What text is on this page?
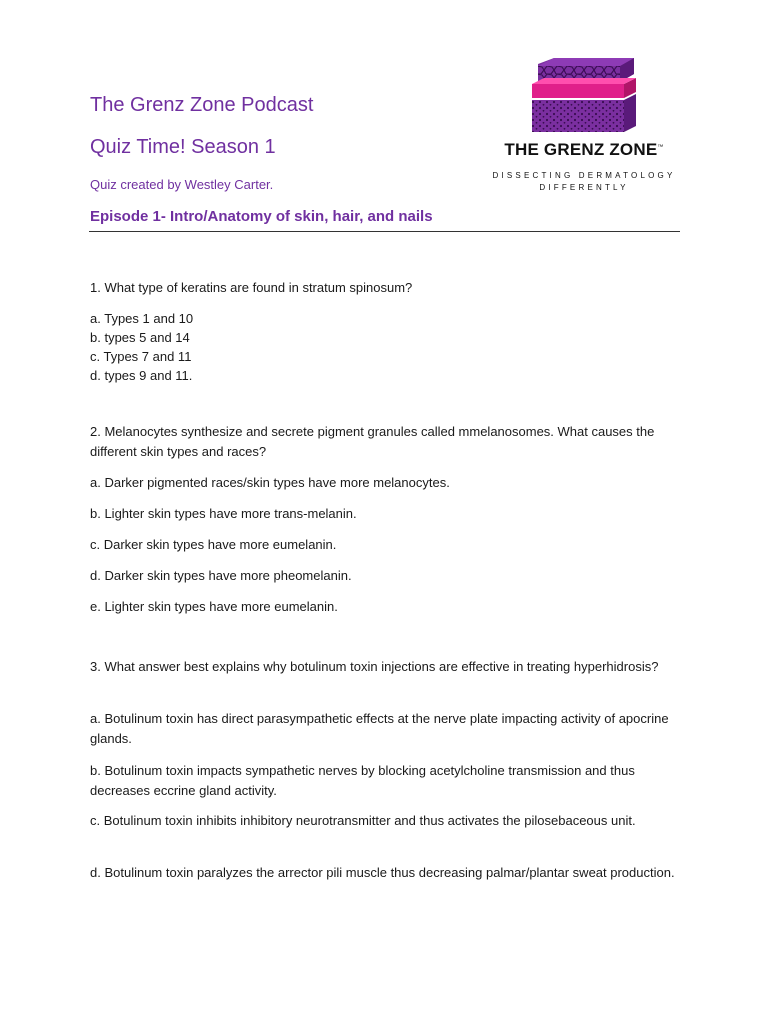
The Grenz Zone Podcast
Quiz Time! Season 1
Quiz created by Westley Carter.
Episode 1- Intro/Anatomy of skin, hair, and nails
THE GRENZ ZONE™
DISSECTING DERMATOLOGY
DIFFERENTLY
1. What type of keratins are found in stratum spinosum?
a. Types 1 and 10
b. types 5 and 14
c. Types 7 and 11
d. types 9 and 11.
2. Melanocytes synthesize and secrete pigment granules called mmelanosomes. What causes the different skin types and races?
a. Darker pigmented races/skin types have more melanocytes.
b. Lighter skin types have more trans-melanin.
c. Darker skin types have more eumelanin.
d. Darker skin types have more pheomelanin.
e. Lighter skin types have more eumelanin.
3. What answer best explains why botulinum toxin injections are effective in treating hyperhidrosis?
a. Botulinum toxin has direct parasympathetic effects at the nerve plate impacting activity of apocrine glands.
b. Botulinum toxin impacts sympathetic nerves by blocking acetylcholine transmission and thus decreases eccrine gland activity.
c. Botulinum toxin inhibits inhibitory neurotransmitter and thus activates the pilosebaceous unit.
d. Botulinum toxin paralyzes the arrector pili muscle thus decreasing palmar/plantar sweat production.
